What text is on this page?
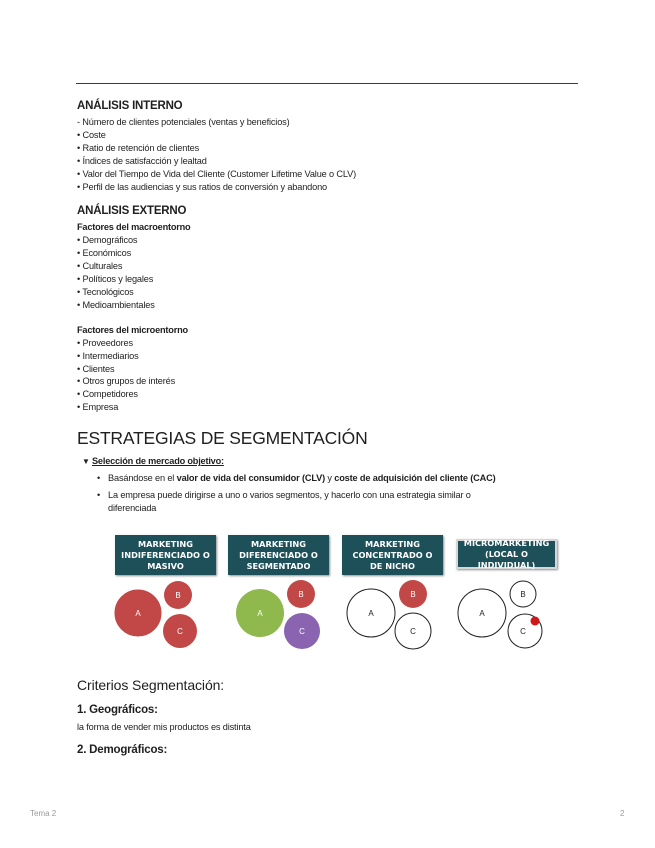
ANÁLISIS INTERNO
- Número de clientes potenciales (ventas y beneficios)
• Coste
• Ratio de retención de clientes
• Índices de satisfacción y lealtad
• Valor del Tiempo de Vida del Cliente (Customer Lifetime Value o CLV)
• Perfil de las audiencias y sus ratios de conversión y abandono
ANÁLISIS EXTERNO
Factores del macroentorno
• Demográficos
• Económicos
• Culturales
• Políticos y legales
• Tecnológicos
• Medioambientales
Factores del microentorno
• Proveedores
• Intermediarios
• Clientes
• Otros grupos de interés
• Competidores
• Empresa
ESTRATEGIAS DE SEGMENTACIÓN
▼ Selección de mercado objetivo:
• Basándose en el valor de vida del consumidor (CLV) y coste de adquisición del cliente (CAC)
• La empresa puede dirigirse a uno o varios segmentos, y hacerlo con una estrategia similar o diferenciada
MARKETING INDIFERENCIADO O MASIVO
MARKETING DIFERENCIADO O SEGMENTADO
MARKETING CONCENTRADO O DE NICHO
MICROMARKETING (LOCAL O INDIVIDUAL)
A
B
C
A
B
C
A
B
C
A
B
C
Criterios Segmentación:
1. Geográficos:
la forma de vender mis productos es distinta
2. Demográficos:
Tema 2	2
